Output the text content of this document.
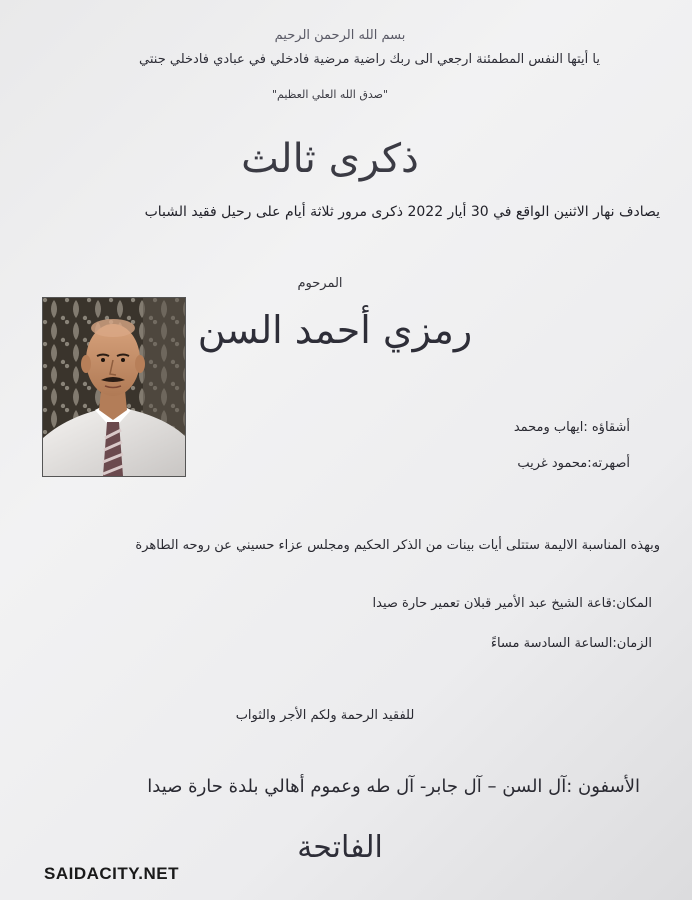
بسم الله الرحمن الرحيم
يا أيتها النفس المطمئنة ارجعي الى ربك راضية مرضية فادخلي في عبادي فادخلي جنتي
"صدق الله العلي العظيم"
ذكرى ثالث
يصادف نهار الاثنين الواقع في 30 أيار 2022 ذكرى مرور ثلاثة أيام على رحيل فقيد الشباب
المرحوم
رمزي أحمد السن
أشقاؤه :ايهاب ومحمد
أصهرته:محمود غريب
وبهذه المناسبة الاليمة ستتلى أيات بينات من الذكر الحكيم ومجلس عزاء حسيني عن روحه الطاهرة
المكان:قاعة الشيخ عبد الأمير قبلان تعمير حارة صيدا
الزمان:الساعة السادسة مساءً
للفقيد الرحمة ولكم الأجر والثواب
الأسفون :آل السن – آل جابر- آل طه وعموم أهالي بلدة حارة صيدا
الفاتحة
SAIDACITY.NET
